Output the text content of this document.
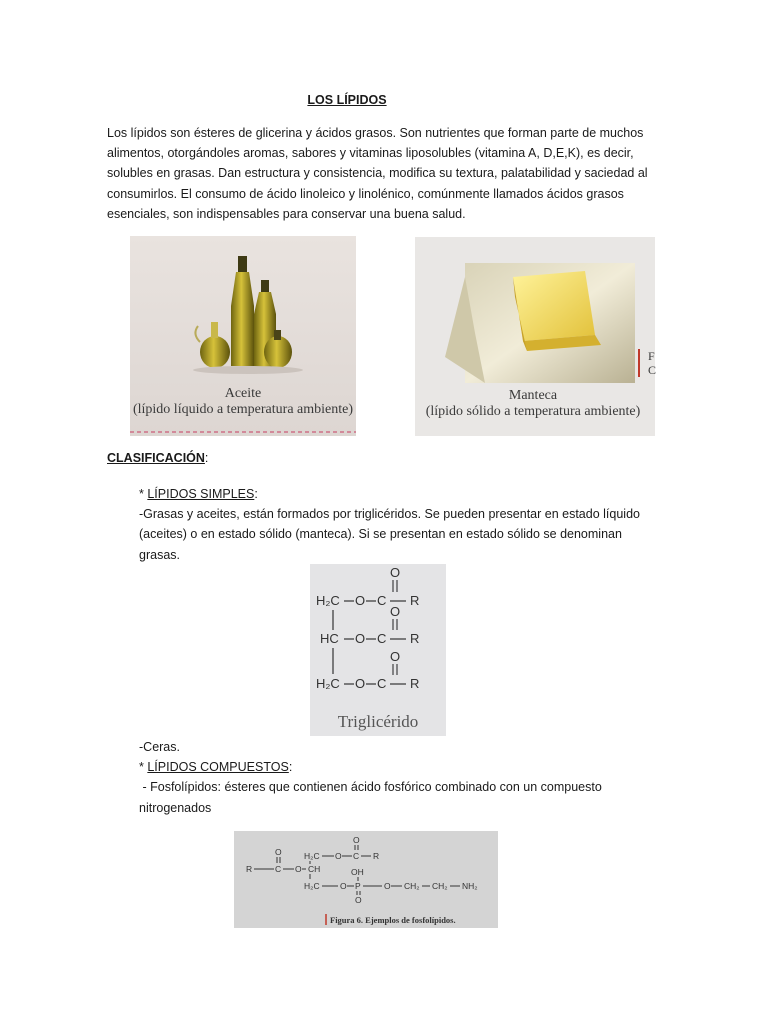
LOS LÍPIDOS

Los lípidos son ésteres de glicerina y ácidos grasos. Son nutrientes que forman parte de muchos
alimentos, otorgándoles aromas, sabores y vitaminas liposolubles (vitamina A, D,E,K), es decir,
solubles en grasas. Dan estructura y consistencia, modifica su textura, palatabilidad y saciedad al
consumirlos. El consumo de ácido linoleico y linolénico, comúnmente llamados ácidos grasos
esenciales, son indispensables para conservar una buena salud.

Aceite
(lípido líquido a temperatura ambiente)
Manteca
(lípido sólido a temperatura ambiente)
F
C
CLASIFICACIÓN:
* LÍPIDOS SIMPLES:
-Grasas y aceites, están formados por triglicéridos. Se pueden presentar en estado líquido
(aceites) o en estado sólido (manteca). Si se presentan en estado sólido se denominan
grasas.
H₂C O C R
O
HC O C R
O
H₂C O C R
O
Triglicérido
-Ceras.
* LÍPIDOS COMPUESTOS:
- Fosfolípidos: ésteres que contienen ácido fosfórico combinado con un compuesto
nitrogenados
H₂C O C R
O
R	C O CH
O
H₂C O P
OH
O
O CH₂ CH₂ NH₂
Figura 6. Ejemplos de fosfolípidos.
